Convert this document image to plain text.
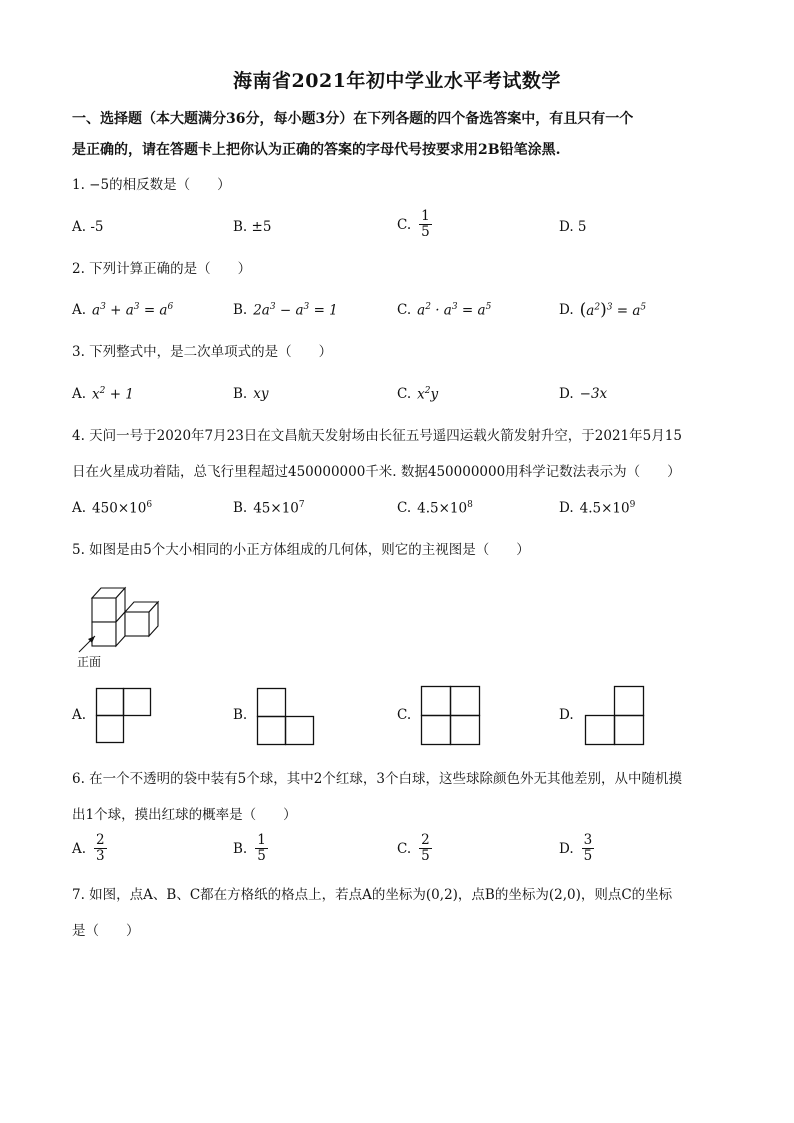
海南省2021年初中学业水平考试数学
一、选择题（本大题满分36分，每小题3分）在下列各题的四个备选答案中，有且只有一个
是正确的，请在答题卡上把你认为正确的答案的字母代号按要求用2B铅笔涂黑.
1. −5的相反数是（　　）
A. -5	B. ±5	C. $\frac{1}{5}$	D. 5
2. 下列计算正确的是（　　）
A. $a^3 + a^3 = a^6$	B. $2a^3 - a^3 = 1$	C. $a^2 \cdot a^3 = a^5$	D. $(a^2)^3 = a^5$
3. 下列整式中，是二次单项式的是（　　）
A. $x^2 + 1$	B. xy	C. $x^2y$	D. −3x
4. 天问一号于2020年7月23日在文昌航天发射场由长征五号遥四运载火箭发射升空，于2021年5月15
日在火星成功着陆，总飞行里程超过450000000千米. 数据450000000用科学记数法表示为（　　）
A. $450\times 10^6$	B. $45\times 10^7$	C. $4.5\times 10^8$	D. $4.5\times 10^9$
5. 如图是由5个大小相同的小正方体组成的几何体，则它的主视图是（　　）
正面
A.	B.	C.	D.
6. 在一个不透明的袋中装有5个球，其中2个红球，3个白球，这些球除颜色外无其他差别，从中随机摸
出1个球，摸出红球的概率是（　　）
A. $\frac{2}{3}$	B. $\frac{1}{5}$	C. $\frac{2}{5}$	D. $\frac{3}{5}$
7. 如图，点A、B、C都在方格纸的格点上，若点A的坐标为(0,2)，点B的坐标为(2,0)，则点C的坐标
是（　　）
